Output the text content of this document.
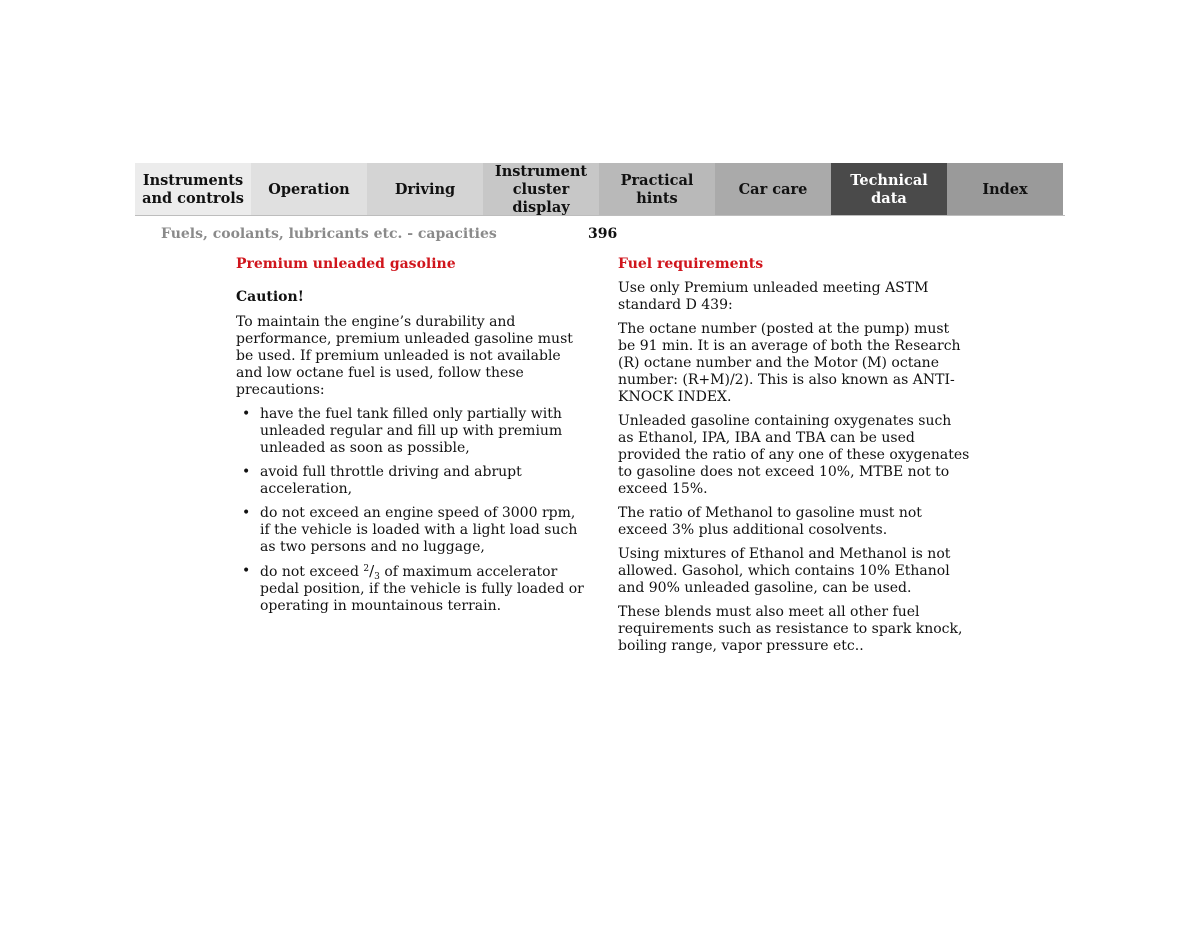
Instruments
and controls
Operation	Driving
Instrument
cluster display
Practical hints
Car care
Technical
data
Index
Fuels, coolants, lubricants etc. - capacities	396
Premium unleaded gasoline
Caution!

To maintain the engine’s durability and performance, premium unleaded gasoline must be used. If premium unleaded is not available and low octane fuel is used, follow these precautions:

• have the fuel tank filled only partially with unleaded regular and fill up with premium unleaded as soon as possible,
• avoid full throttle driving and abrupt acceleration,
• do not exceed an engine speed of 3000 rpm, if the vehicle is loaded with a light load such as two persons and no luggage,
• do not exceed $^2/_3$ of maximum accelerator pedal position, if the vehicle is fully loaded or operating in mountainous terrain.
Fuel requirements

Use only Premium unleaded meeting ASTM standard D 439:

The octane number (posted at the pump) must be 91 min. It is an average of both the Research (R) octane number and the Motor (M) octane number: (R+M)/2). This is also known as ANTI-KNOCK INDEX.

Unleaded gasoline containing oxygenates such as Ethanol, IPA, IBA and TBA can be used provided the ratio of any one of these oxygenates to gasoline does not exceed 10%, MTBE not to exceed 15%.

The ratio of Methanol to gasoline must not exceed 3% plus additional cosolvents.

Using mixtures of Ethanol and Methanol is not allowed. Gasohol, which contains 10% Ethanol and 90% unleaded gasoline, can be used.

These blends must also meet all other fuel requirements such as resistance to spark knock, boiling range, vapor pressure etc..
